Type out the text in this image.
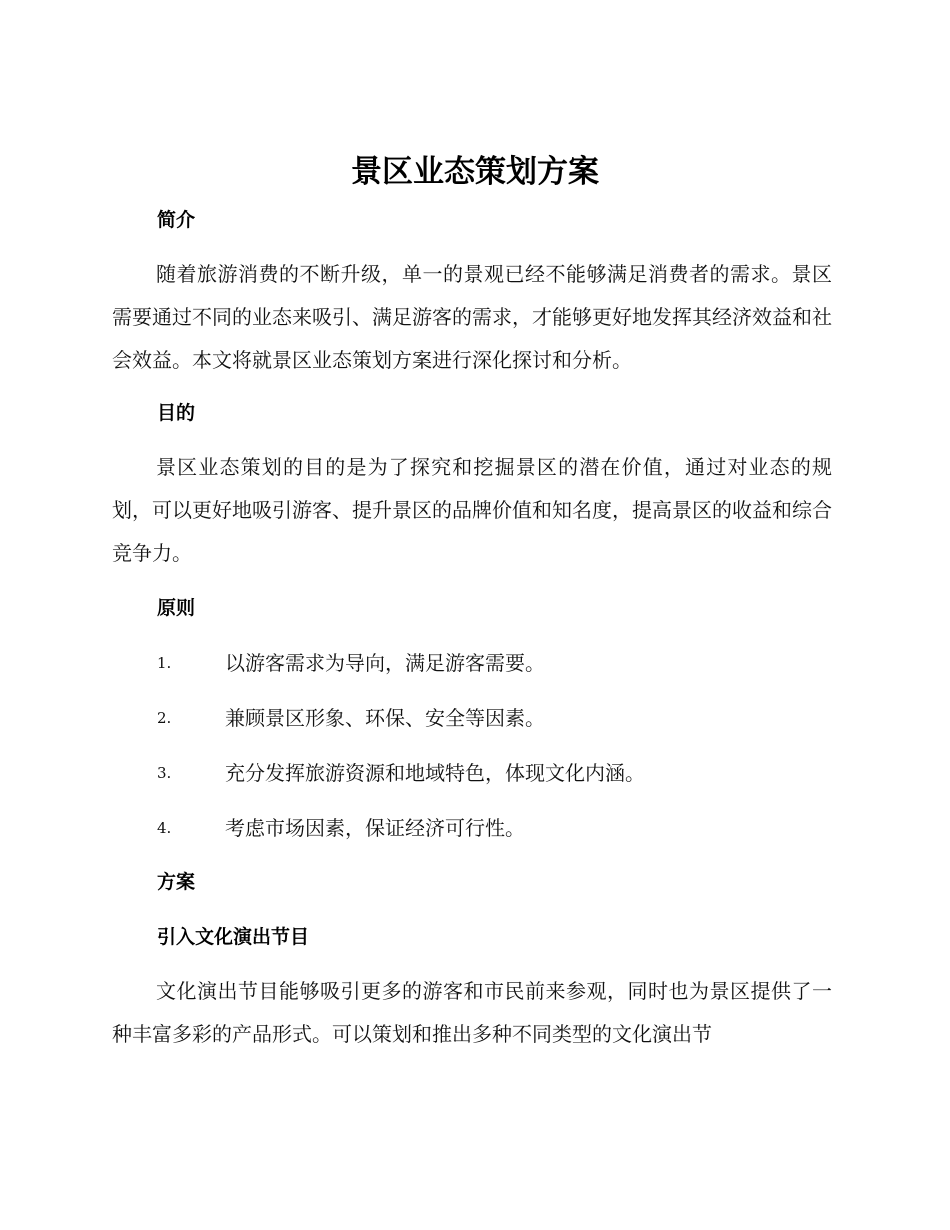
景区业态策划方案
简介

随着旅游消费的不断升级，单一的景观已经不能够满足消费者的需求。景区需要通过不同的业态来吸引、满足游客的需求，才能够更好地发挥其经济效益和社会效益。本文将就景区业态策划方案进行深化探讨和分析。

目的

景区业态策划的目的是为了探究和挖掘景区的潜在价值，通过对业态的规划，可以更好地吸引游客、提升景区的品牌价值和知名度，提高景区的收益和综合竞争力。

原则
1.	以游客需求为导向，满足游客需要。
2.	兼顾景区形象、环保、安全等因素。
3.	充分发挥旅游资源和地域特色，体现文化内涵。
4.	考虑市场因素，保证经济可行性。
方案
引入文化演出节目

文化演出节目能够吸引更多的游客和市民前来参观，同时也为景区提供了一种丰富多彩的产品形式。可以策划和推出多种不同类型的文化演出节
